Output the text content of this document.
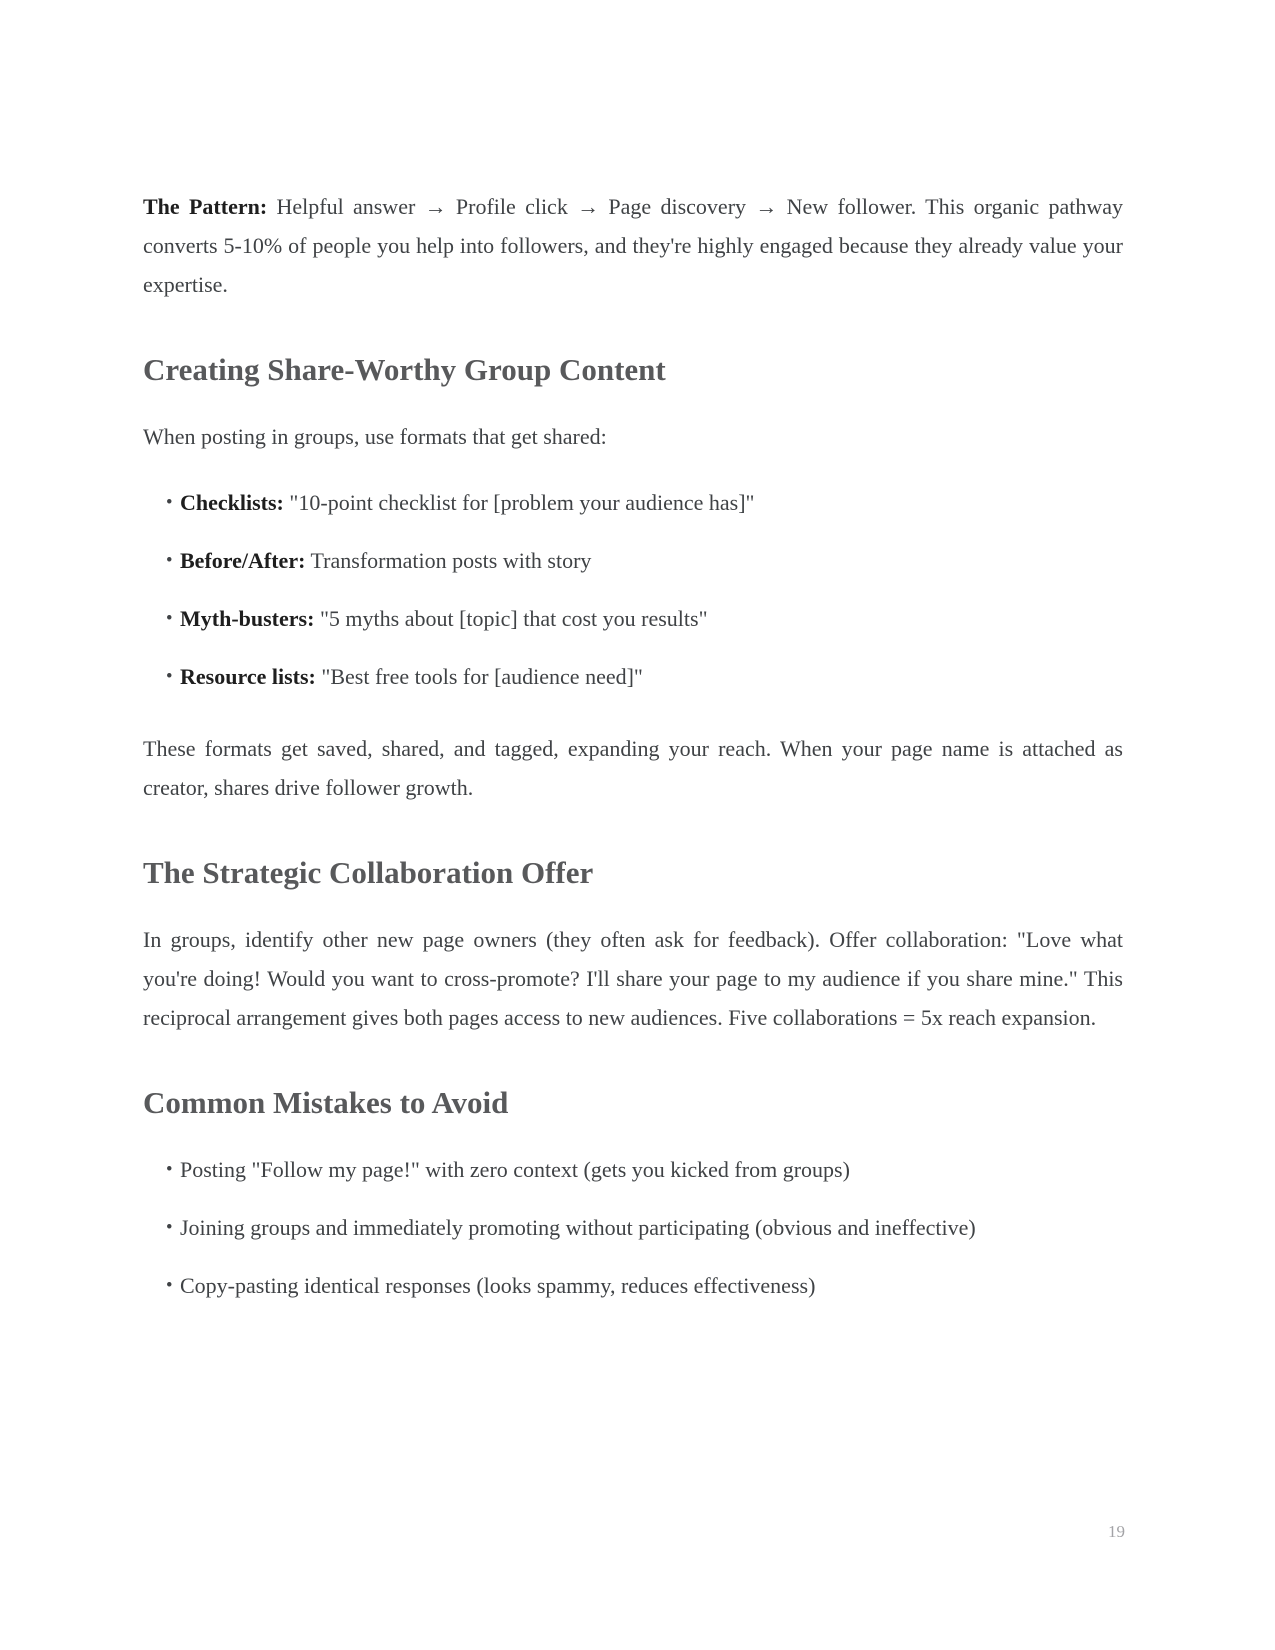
The Pattern: Helpful answer → Profile click → Page discovery → New follower. This organic pathway converts 5-10% of people you help into followers, and they're highly engaged because they already value your expertise.

Creating Share-Worthy Group Content

When posting in groups, use formats that get shared:

• Checklists: "10-point checklist for [problem your audience has]"
• Before/After: Transformation posts with story
• Myth-busters: "5 myths about [topic] that cost you results"
• Resource lists: "Best free tools for [audience need]"

These formats get saved, shared, and tagged, expanding your reach. When your page name is attached as creator, shares drive follower growth.

The Strategic Collaboration Offer

In groups, identify other new page owners (they often ask for feedback). Offer collaboration: "Love what you're doing! Would you want to cross-promote? I'll share your page to my audience if you share mine." This reciprocal arrangement gives both pages access to new audiences. Five collaborations = 5x reach expansion.

Common Mistakes to Avoid
• Posting "Follow my page!" with zero context (gets you kicked from groups)
• Joining groups and immediately promoting without participating (obvious and ineffective)
• Copy-pasting identical responses (looks spammy, reduces effectiveness)
19
